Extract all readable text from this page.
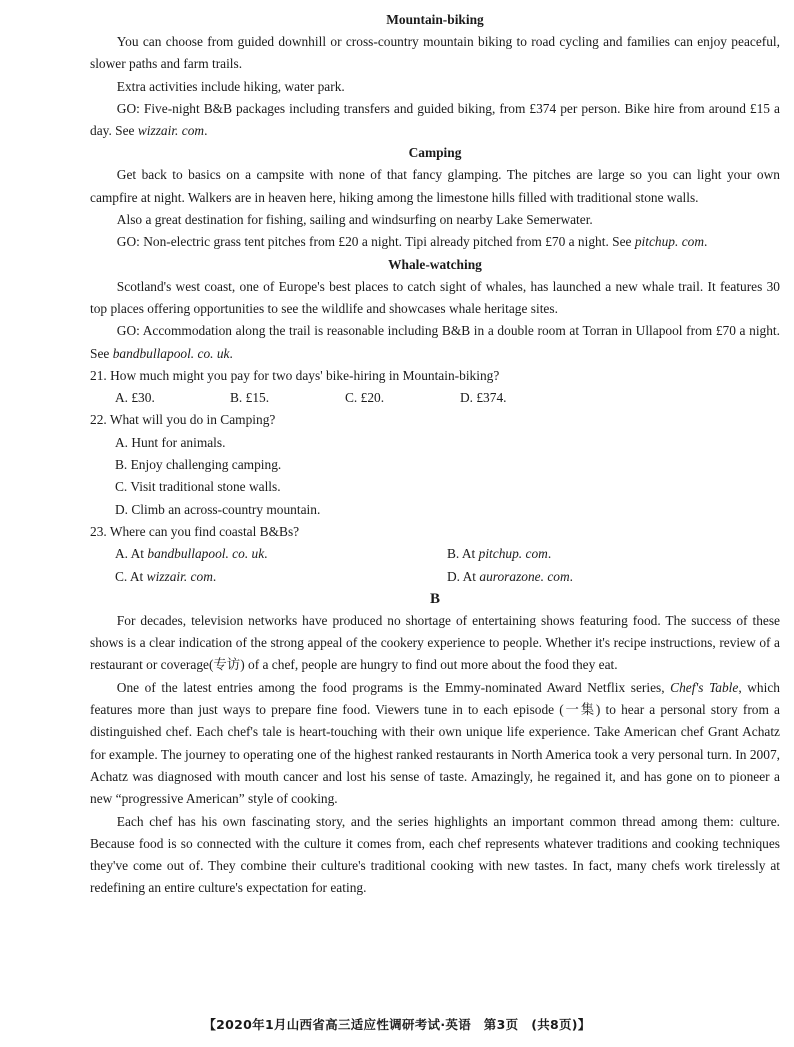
Mountain-biking

You can choose from guided downhill or cross-country mountain biking to road cycling and families can enjoy peaceful, slower paths and farm trails.

Extra activities include hiking, water park.

GO: Five-night B&B packages including transfers and guided biking, from £374 per person. Bike hire from around £15 a day. See wizzair. com.

Camping

Get back to basics on a campsite with none of that fancy glamping. The pitches are large so you can light your own campfire at night. Walkers are in heaven here, hiking among the limestone hills filled with traditional stone walls.

Also a great destination for fishing, sailing and windsurfing on nearby Lake Semerwater.

GO: Non-electric grass tent pitches from £20 a night. Tipi already pitched from £70 a night. See pitchup. com.

Whale-watching

Scotland's west coast, one of Europe's best places to catch sight of whales, has launched a new whale trail. It features 30 top places offering opportunities to see the wildlife and showcases whale heritage sites.

GO: Accommodation along the trail is reasonable including B&B in a double room at Torran in Ullapool from £70 a night. See bandbullapool. co. uk.

21. How much might you pay for two days' bike-hiring in Mountain-biking?

A. £30.	B. £15.	C. £20.	D. £374.

22. What will you do in Camping?

A. Hunt for animals.
B. Enjoy challenging camping.
C. Visit traditional stone walls.
D. Climb an across-country mountain.

23. Where can you find coastal B&Bs?

A. At bandbullapool. co. uk.	B. At pitchup. com.
C. At wizzair. com.	D. At aurorazone. com.

B

For decades, television networks have produced no shortage of entertaining shows featuring food. The success of these shows is a clear indication of the strong appeal of the cookery experience to people. Whether it's recipe instructions, review of a restaurant or coverage(专访) of a chef, people are hungry to find out more about the food they eat.

One of the latest entries among the food programs is the Emmy-nominated Award Netflix series, Chef's Table, which features more than just ways to prepare fine food. Viewers tune in to each episode (一集) to hear a personal story from a distinguished chef. Each chef's tale is heart-touching with their own unique life experience. Take American chef Grant Achatz for example. The journey to operating one of the highest ranked restaurants in North America took a very personal turn. In 2007, Achatz was diagnosed with mouth cancer and lost his sense of taste. Amazingly, he regained it, and has gone on to pioneer a new “progressive American” style of cooking.

Each chef has his own fascinating story, and the series highlights an important common thread among them: culture. Because food is so connected with the culture it comes from, each chef represents whatever traditions and cooking techniques they've come out of. They combine their culture's traditional cooking with new tastes. In fact, many chefs work tirelessly at redefining an entire culture's expectation for eating.

【2020年1月山西省高三适应性调研考试·英语　第3页　(共8页)】
